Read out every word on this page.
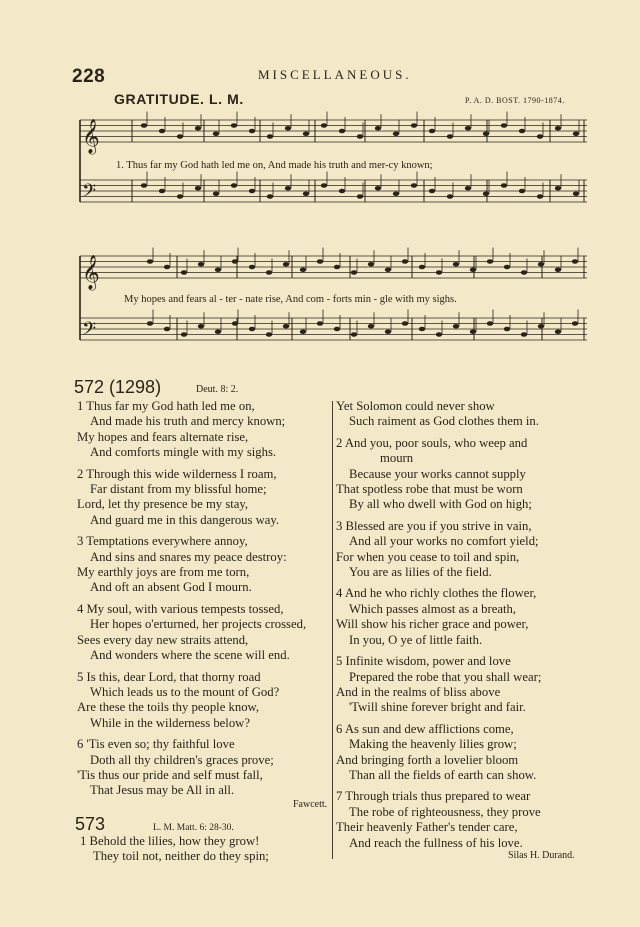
228	MISCELLANEOUS.
GRATITUDE. L. M.	P. A. D. BOST. 1790-1874.
𝄞
𝄢
𝄞
𝄢
1. Thus far my God hath led me on, And made his truth and mer-cy known;
My hopes and fears al - ter - nate rise, And com - forts min - gle with my sighs.
572 (1298)	Deut. 8: 2.

1 Thus far my God hath led me on,

And made his truth and mercy known;

My hopes and fears alternate rise,

And comforts mingle with my sighs.

2 Through this wide wilderness I roam,

Far distant from my blissful home;

Lord, let thy presence be my stay,

And guard me in this dangerous way.

3 Temptations everywhere annoy,

And sins and snares my peace destroy:

My earthly joys are from me torn,

And oft an absent God I mourn.

4 My soul, with various tempests tossed,

Her hopes o'erturned, her projects crossed,

Sees every day new straits attend,

And wonders where the scene will end.

5 Is this, dear Lord, that thorny road

Which leads us to the mount of God?

Are these the toils thy people know,

While in the wilderness below?

6 'Tis even so; thy faithful love

Doth all thy children's graces prove;

'Tis thus our pride and self must fall,

That Jesus may be All in all.

Fawcett.
573	L. M. Matt. 6: 28-30.

1 Behold the lilies, how they grow!

They toil not, neither do they spin;

Yet Solomon could never show

Such raiment as God clothes them in.

2 And you, poor souls, who weep and

mourn

Because your works cannot supply

That spotless robe that must be worn

By all who dwell with God on high;

3 Blessed are you if you strive in vain,

And all your works no comfort yield;

For when you cease to toil and spin,

You are as lilies of the field.

4 And he who richly clothes the flower,

Which passes almost as a breath,

Will show his richer grace and power,

In you, O ye of little faith.

5 Infinite wisdom, power and love

Prepared the robe that you shall wear;

And in the realms of bliss above

'Twill shine forever bright and fair.

6 As sun and dew afflictions come,

Making the heavenly lilies grow;

And bringing forth a lovelier bloom

Than all the fields of earth can show.

7 Through trials thus prepared to wear

The robe of righteousness, they prove

Their heavenly Father's tender care,

And reach the fullness of his love.

Silas H. Durand.
